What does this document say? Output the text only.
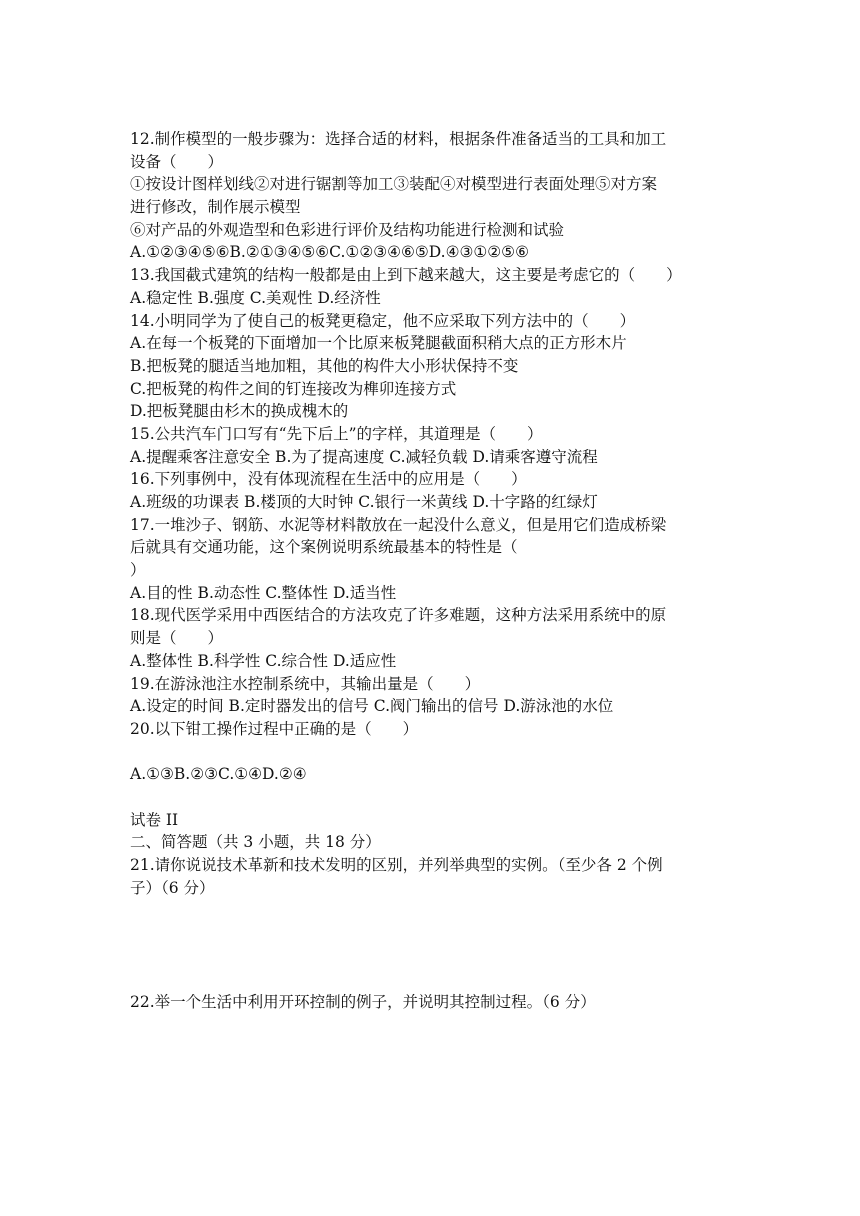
12.制作模型的一般步骤为：选择合适的材料，根据条件准备适当的工具和加工
设备（　　）
①按设计图样划线②对进行锯割等加工③装配④对模型进行表面处理⑤对方案
进行修改，制作展示模型
⑥对产品的外观造型和色彩进行评价及结构功能进行检测和试验
A.①②③④⑤⑥B.②①③④⑤⑥C.①②③④⑥⑤D.④③①②⑤⑥
13.我国截式建筑的结构一般都是由上到下越来越大，这主要是考虑它的（　　）
A.稳定性 B.强度 C.美观性 D.经济性
14.小明同学为了使自己的板凳更稳定，他不应采取下列方法中的（　　）
A.在每一个板凳的下面增加一个比原来板凳腿截面积稍大点的正方形木片
B.把板凳的腿适当地加粗，其他的构件大小形状保持不变
C.把板凳的构件之间的钉连接改为榫卯连接方式
D.把板凳腿由杉木的换成槐木的
15.公共汽车门口写有“先下后上”的字样，其道理是（　　）
A.提醒乘客注意安全 B.为了提高速度 C.减轻负载 D.请乘客遵守流程
16.下列事例中，没有体现流程在生活中的应用是（　　）
A.班级的功课表 B.楼顶的大时钟 C.银行一米黄线 D.十字路的红绿灯
17.一堆沙子、钢筋、水泥等材料散放在一起没什么意义，但是用它们造成桥梁
后就具有交通功能，这个案例说明系统最基本的特性是（
）
A.目的性 B.动态性 C.整体性 D.适当性
18.现代医学采用中西医结合的方法攻克了许多难题，这种方法采用系统中的原
则是（　　）
A.整体性 B.科学性 C.综合性 D.适应性
19.在游泳池注水控制系统中，其输出量是（　　）
A.设定的时间 B.定时器发出的信号 C.阀门输出的信号 D.游泳池的水位
20.以下钳工操作过程中正确的是（　　）
A.①③B.②③C.①④D.②④
试卷 II
二、简答题（共 3 小题，共 18 分）
21.请你说说技术革新和技术发明的区别，并列举典型的实例。（至少各 2 个例
子）（6 分）
22.举一个生活中利用开环控制的例子，并说明其控制过程。（6 分）
